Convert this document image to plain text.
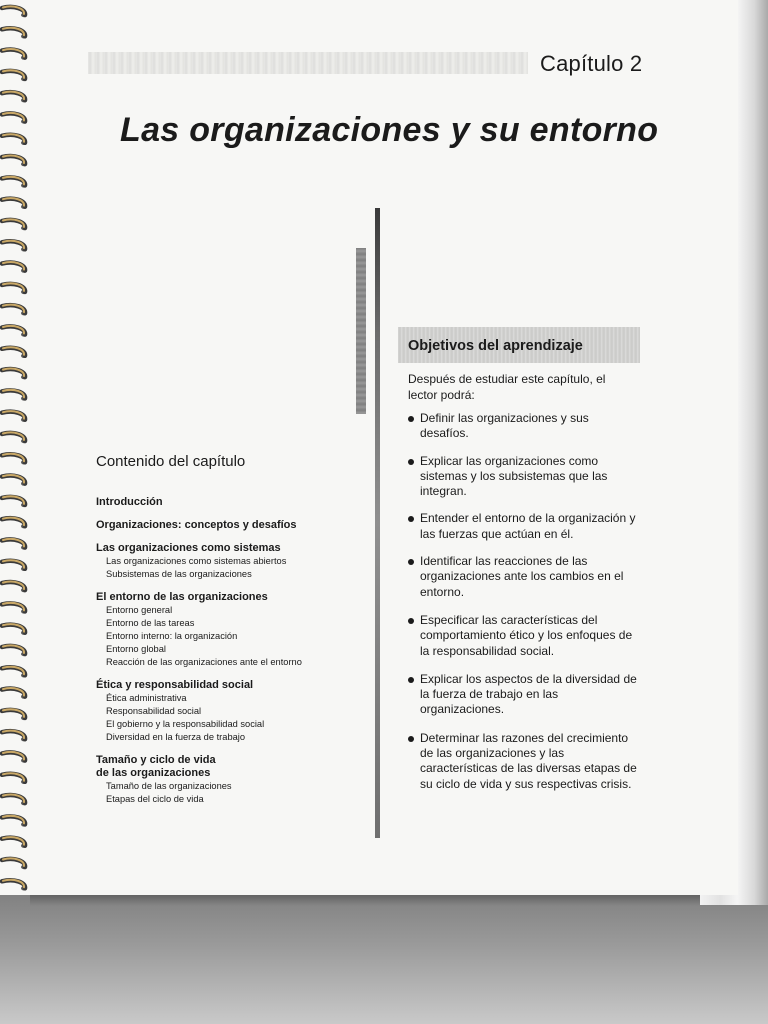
Capítulo 2
Las organizaciones y su entorno
Contenido del capítulo
Introducción
Organizaciones: conceptos y desafíos
Las organizaciones como sistemas
Las organizaciones como sistemas abiertos
Subsistemas de las organizaciones
El entorno de las organizaciones
Entorno general
Entorno de las tareas
Entorno interno: la organización
Entorno global
Reacción de las organizaciones ante el entorno
Ética y responsabilidad social
Ética administrativa
Responsabilidad social
El gobierno y la responsabilidad social
Diversidad en la fuerza de trabajo
Tamaño y ciclo de vida
de las organizaciones
Tamaño de las organizaciones
Etapas del ciclo de vida
Objetivos del aprendizaje
Después de estudiar este capítulo, el lector podrá:
Definir las organizaciones y sus desafíos.
Explicar las organizaciones como sistemas y los subsistemas que las integran.
Entender el entorno de la organización y las fuerzas que actúan en él.
Identificar las reacciones de las organizaciones ante los cambios en el entorno.
Especificar las características del comportamiento ético y los enfoques de la responsabilidad social.
Explicar los aspectos de la diversidad de la fuerza de trabajo en las organizaciones.
Determinar las razones del crecimiento de las organizaciones y las características de las diversas etapas de su ciclo de vida y sus respectivas crisis.
